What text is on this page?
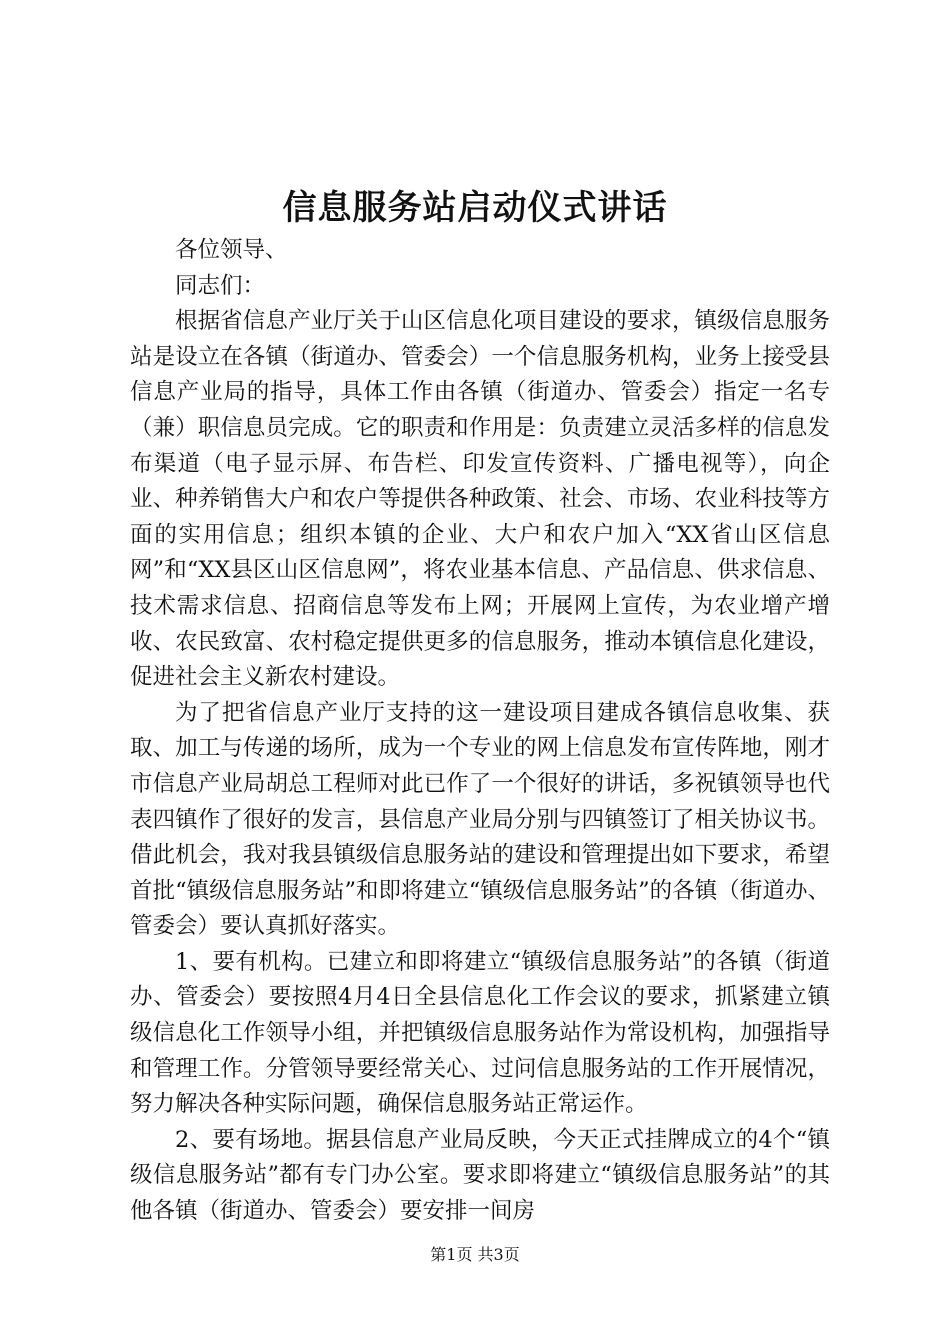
信息服务站启动仪式讲话

各位领导、

同志们：

根据省信息产业厅关于山区信息化项目建设的要求，镇级信息服务站是设立在各镇（街道办、管委会）一个信息服务机构，业务上接受县信息产业局的指导，具体工作由各镇（街道办、管委会）指定一名专（兼）职信息员完成。它的职责和作用是：负责建立灵活多样的信息发布渠道（电子显示屏、布告栏、印发宣传资料、广播电视等），向企业、种养销售大户和农户等提供各种政策、社会、市场、农业科技等方面的实用信息；组织本镇的企业、大户和农户加入“XX省山区信息网”和“XX县区山区信息网”，将农业基本信息、产品信息、供求信息、技术需求信息、招商信息等发布上网；开展网上宣传，为农业增产增收、农民致富、农村稳定提供更多的信息服务，推动本镇信息化建设，促进社会主义新农村建设。

为了把省信息产业厅支持的这一建设项目建成各镇信息收集、获取、加工与传递的场所，成为一个专业的网上信息发布宣传阵地，刚才市信息产业局胡总工程师对此已作了一个很好的讲话，多祝镇领导也代表四镇作了很好的发言，县信息产业局分别与四镇签订了相关协议书。借此机会，我对我县镇级信息服务站的建设和管理提出如下要求，希望首批“镇级信息服务站”和即将建立“镇级信息服务站”的各镇（街道办、管委会）要认真抓好落实。

1、要有机构。已建立和即将建立“镇级信息服务站”的各镇（街道办、管委会）要按照4月4日全县信息化工作会议的要求，抓紧建立镇级信息化工作领导小组，并把镇级信息服务站作为常设机构，加强指导和管理工作。分管领导要经常关心、过问信息服务站的工作开展情况，努力解决各种实际问题，确保信息服务站正常运作。

2、要有场地。据县信息产业局反映，今天正式挂牌成立的4个“镇级信息服务站”都有专门办公室。要求即将建立“镇级信息服务站”的其他各镇（街道办、管委会）要安排一间房

第1页 共3页
